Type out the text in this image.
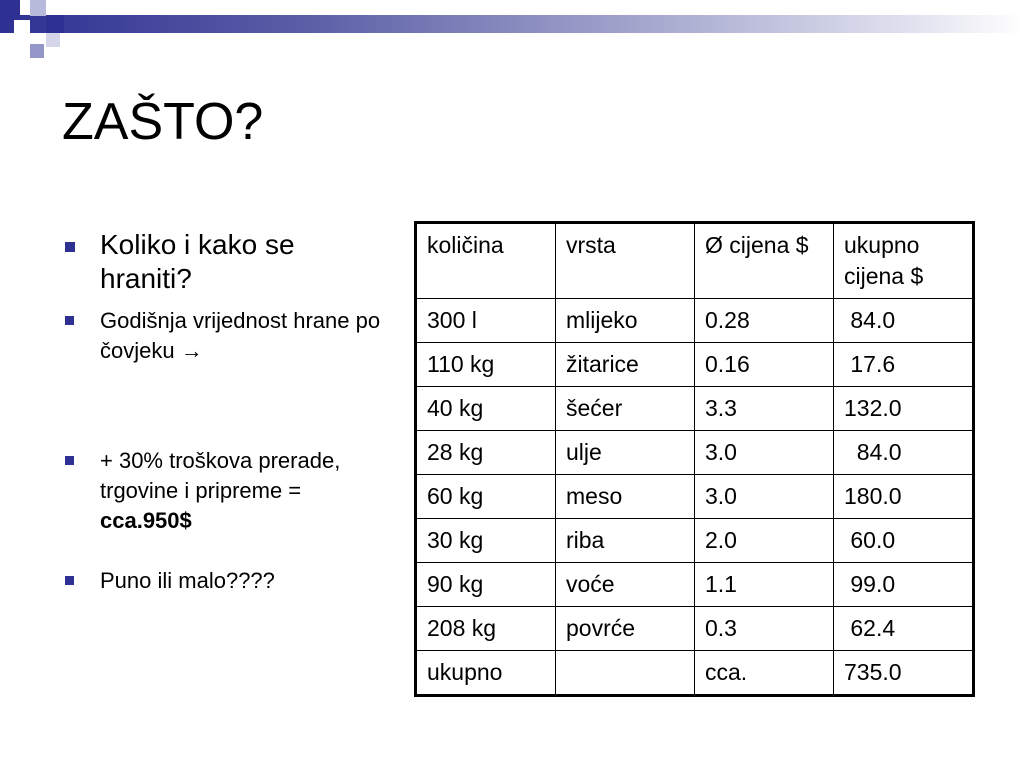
ZAŠTO?
Koliko i kako se hraniti?
Godišnja vrijednost hrane po čovjeku →
+ 30% troškova prerade, trgovine i pripreme = cca.950$
Puno ili malo????
količina	vrsta	Ø cijena $	ukupno cijena $
300 l	mlijeko	0.28	84.0
110 kg	žitarice	0.16	17.6
40 kg	šećer	3.3	132.0
28 kg	ulje	3.0	84.0
60 kg	meso	3.0	180.0
30 kg	riba	2.0	60.0
90 kg	voće	1.1	99.0
208 kg	povrće	0.3	62.4
ukupno		cca.	735.0
